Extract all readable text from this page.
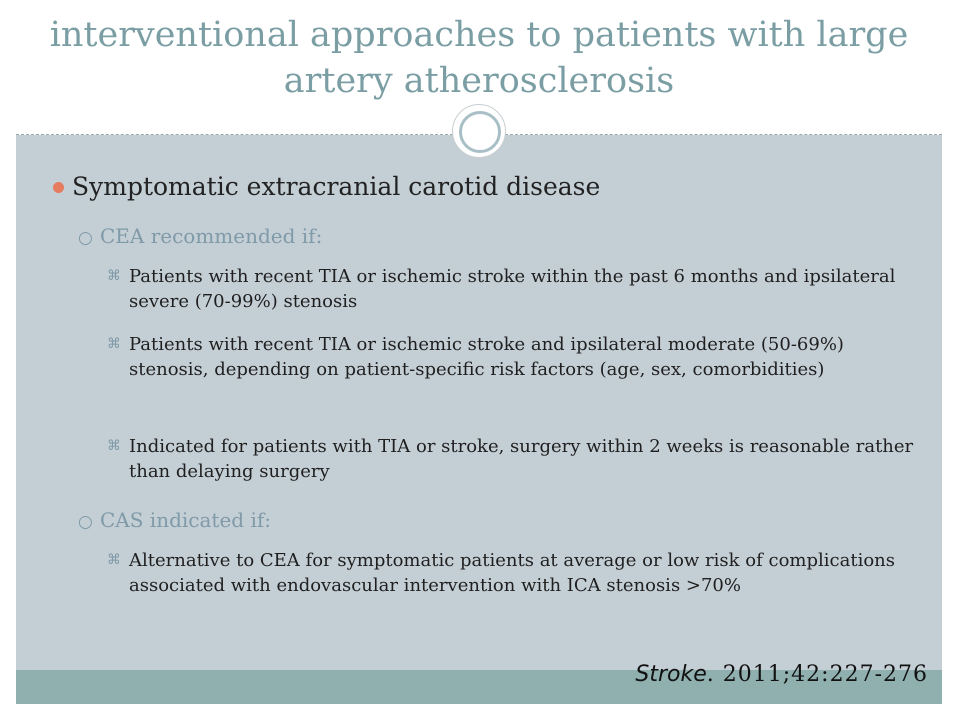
interventional approaches to patients with large
artery atherosclerosis
Symptomatic extracranial carotid disease
○ CEA recommended if:
⌘ Patients with recent TIA or ischemic stroke within the past 6 months and ipsilateral severe (70-99%) stenosis
⌘ Patients with recent TIA or ischemic stroke and ipsilateral moderate (50-69%) stenosis, depending on patient-specific risk factors (age, sex, comorbidities)
⌘ Indicated for patients with TIA or stroke, surgery within 2 weeks is reasonable rather than delaying surgery
○ CAS indicated if:
⌘ Alternative to CEA for symptomatic patients at average or low risk of complications associated with endovascular intervention with ICA stenosis >70%
Stroke. 2011;42:227-276
